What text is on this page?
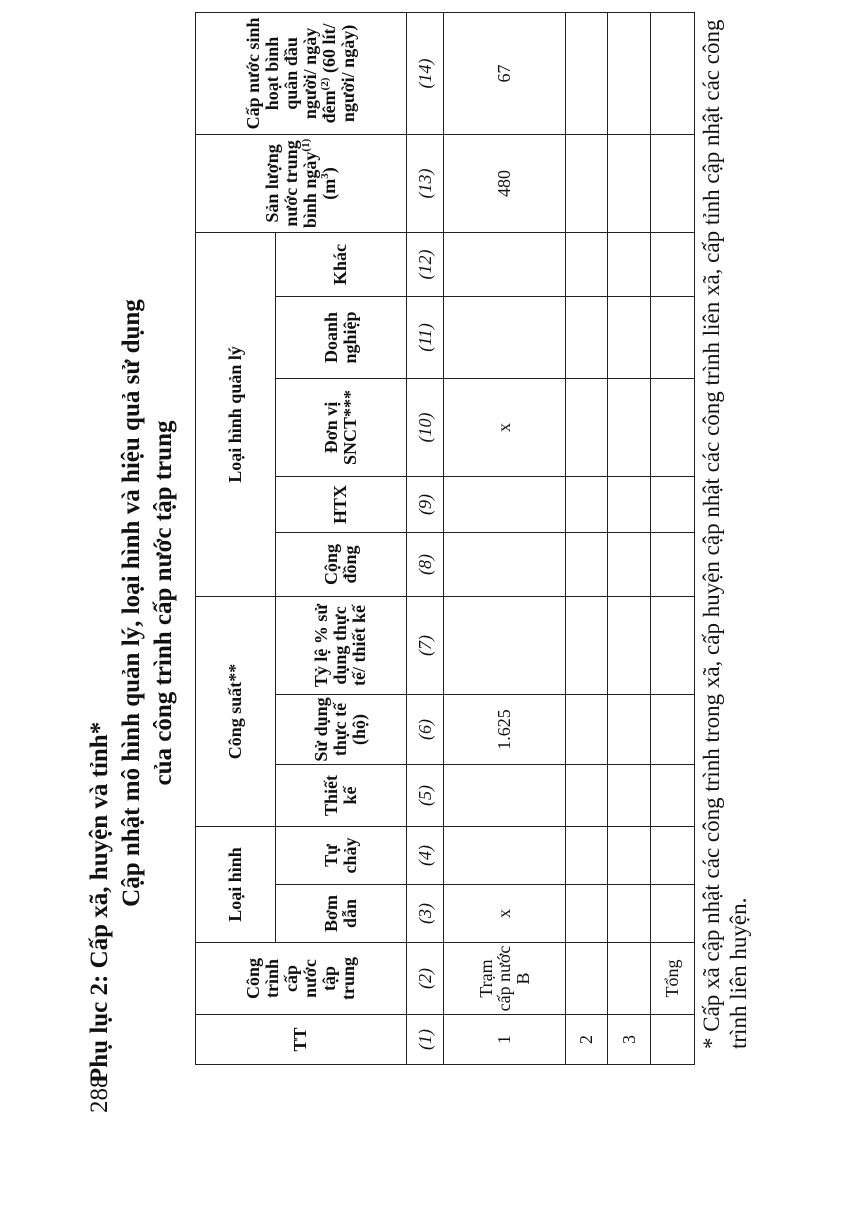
288
Phụ lục 2: Cấp xã, huyện và tỉnh* Cập nhật mô hình quản lý, loại hình và hiệu quả sử dụng của công trình cấp nước tập trung
TT	Công trình cấp nước tập trung	Loại hình		Công suất**			Loại hình quản lý					Sản lượng nước trung bình ngày$^{(1)}$ $(m^3)$	Cấp nước sinh hoạt bình quân đầu người/ ngày đêm$^{(2)}$ (60 lít/ người/ ngày)
		Bơm dẫn	Tự chảy	Thiết kế	Sử dụng thực tế (hộ)	Tỷ lệ % sử dụng thực tế/ thiết kế	Cộng đồng	HTX	Đơn vị SNCT***	Doanh nghiệp	Khác		
(1)	(2)	(3)	(4)	(5)	(6)	(7)	(8)	(9)	(10)	(11)	(12)	(13)	(14)
1	Trạm cấp nước B	x			1.625				x			480	67
2													
3													
	Tổng												* Cấp xã cập nhật các công trình trong xã, cấp huyện cập nhật các công trình liên xã, cấp tỉnh cập nhật các công trình liên huyện.
